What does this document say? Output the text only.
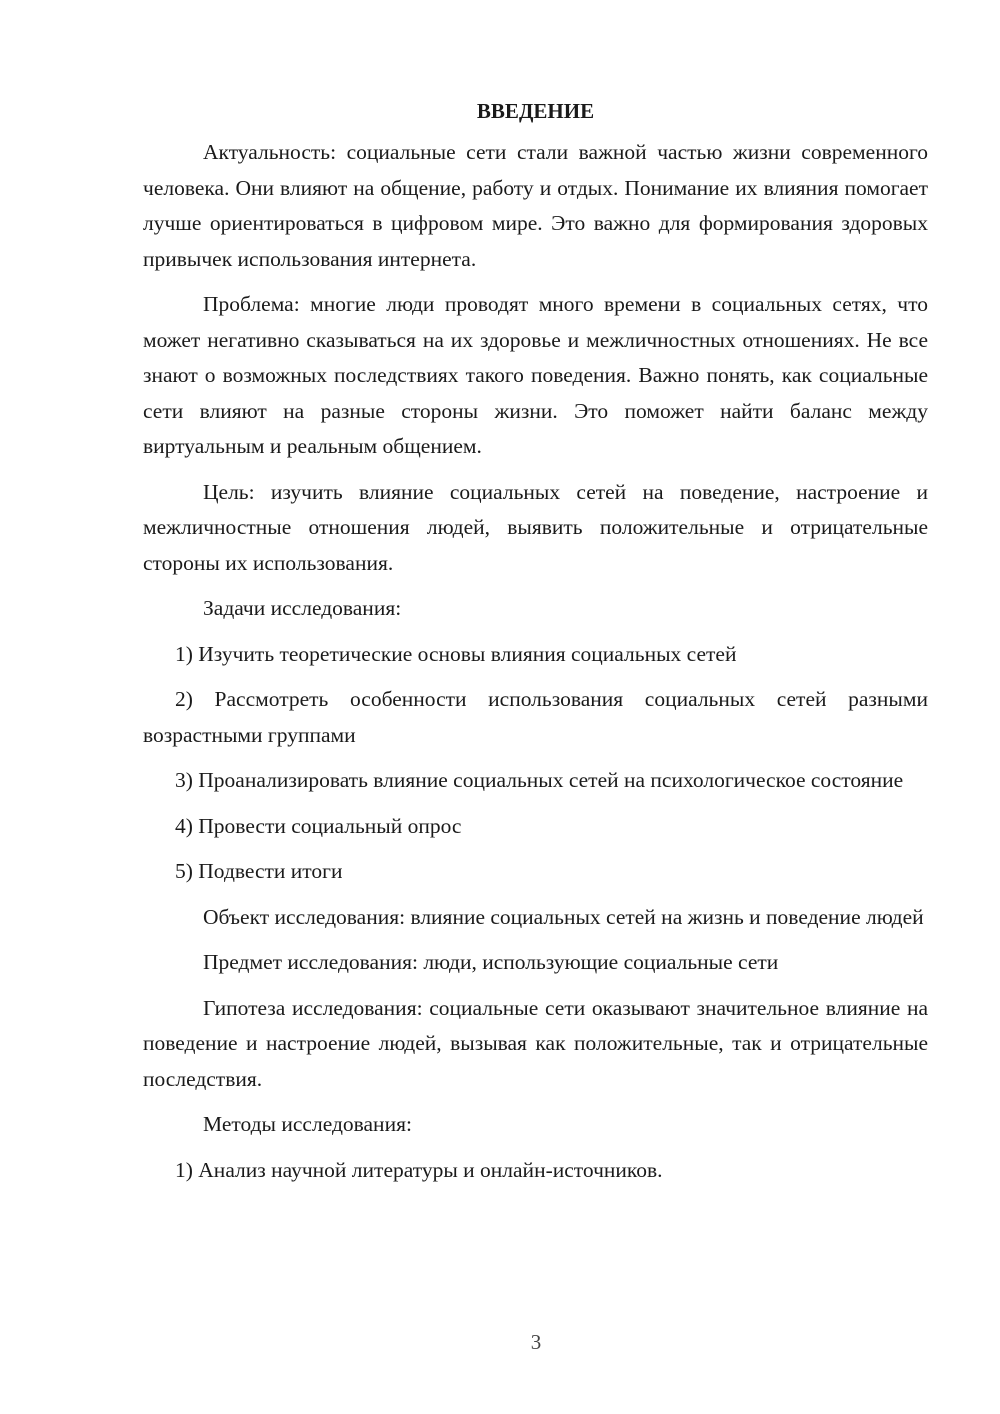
ВВЕДЕНИЕ

Актуальность: социальные сети стали важной частью жизни современного человека. Они влияют на общение, работу и отдых. Понимание их влияния помогает лучше ориентироваться в цифровом мире. Это важно для формирования здоровых привычек использования интернета.

Проблема: многие люди проводят много времени в социальных сетях, что может негативно сказываться на их здоровье и межличностных отношениях. Не все знают о возможных последствиях такого поведения. Важно понять, как социальные сети влияют на разные стороны жизни. Это поможет найти баланс между виртуальным и реальным общением.

Цель: изучить влияние социальных сетей на поведение, настроение и межличностные отношения людей, выявить положительные и отрицательные стороны их использования.

Задачи исследования:

1) Изучить теоретические основы влияния социальных сетей

2) Рассмотреть особенности использования социальных сетей разными возрастными группами

3) Проанализировать влияние социальных сетей на психологическое состояние

4) Провести социальный опрос

5) Подвести итоги

Объект исследования: влияние социальных сетей на жизнь и поведение людей

Предмет исследования: люди, использующие социальные сети

Гипотеза исследования: социальные сети оказывают значительное влияние на поведение и настроение людей, вызывая как положительные, так и отрицательные последствия.

Методы исследования:

1) Анализ научной литературы и онлайн-источников.

3
